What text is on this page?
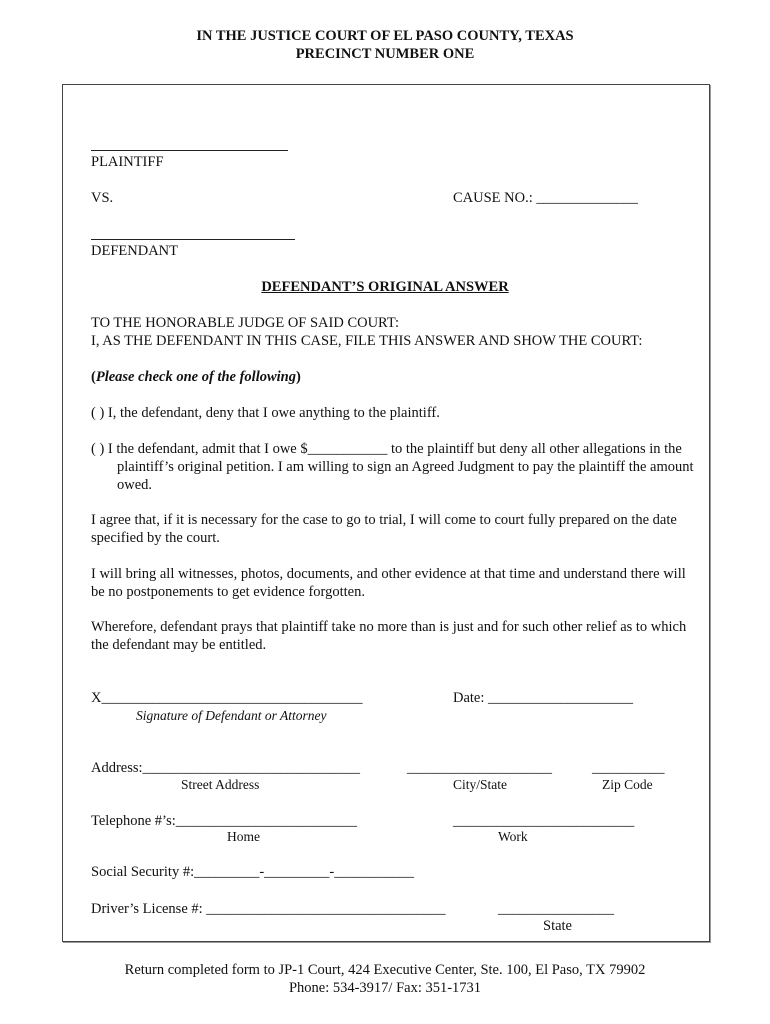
IN THE JUSTICE COURT OF EL PASO COUNTY, TEXAS
PRECINCT NUMBER ONE
PLAINTIFF
VS.	CAUSE NO.: ______________
DEFENDANT
DEFENDANT’S ORIGINAL ANSWER
TO THE HONORABLE JUDGE OF SAID COURT:
I, AS THE DEFENDANT IN THIS CASE, FILE THIS ANSWER AND SHOW THE COURT:
(Please check one of the following)
( ) I, the defendant, deny that I owe anything to the plaintiff.
( ) I the defendant, admit that I owe $___________ to the plaintiff but deny all other allegations in the plaintiff’s original petition. I am willing to sign an Agreed Judgment to pay the plaintiff the amount owed.
I agree that, if it is necessary for the case to go to trial, I will come to court fully prepared on the date specified by the court.
I will bring all witnesses, photos, documents, and other evidence at that time and understand there will be no postponements to get evidence forgotten.
Wherefore, defendant prays that plaintiff take no more than is just and for such other relief as to which the defendant may be entitled.
X____________________________________
Signature of Defendant or Attorney
Date: ____________________
Address:______________________________
Street Address
____________________
City/State
__________
Zip Code
Telephone #’s:_________________________
Home
_________________________
Work
Social Security #:_________-_________-___________
Driver’s License #: _________________________________	________________
State
Return completed form to JP-1 Court, 424 Executive Center, Ste. 100, El Paso, TX 79902
Phone: 534-3917/ Fax: 351-1731
